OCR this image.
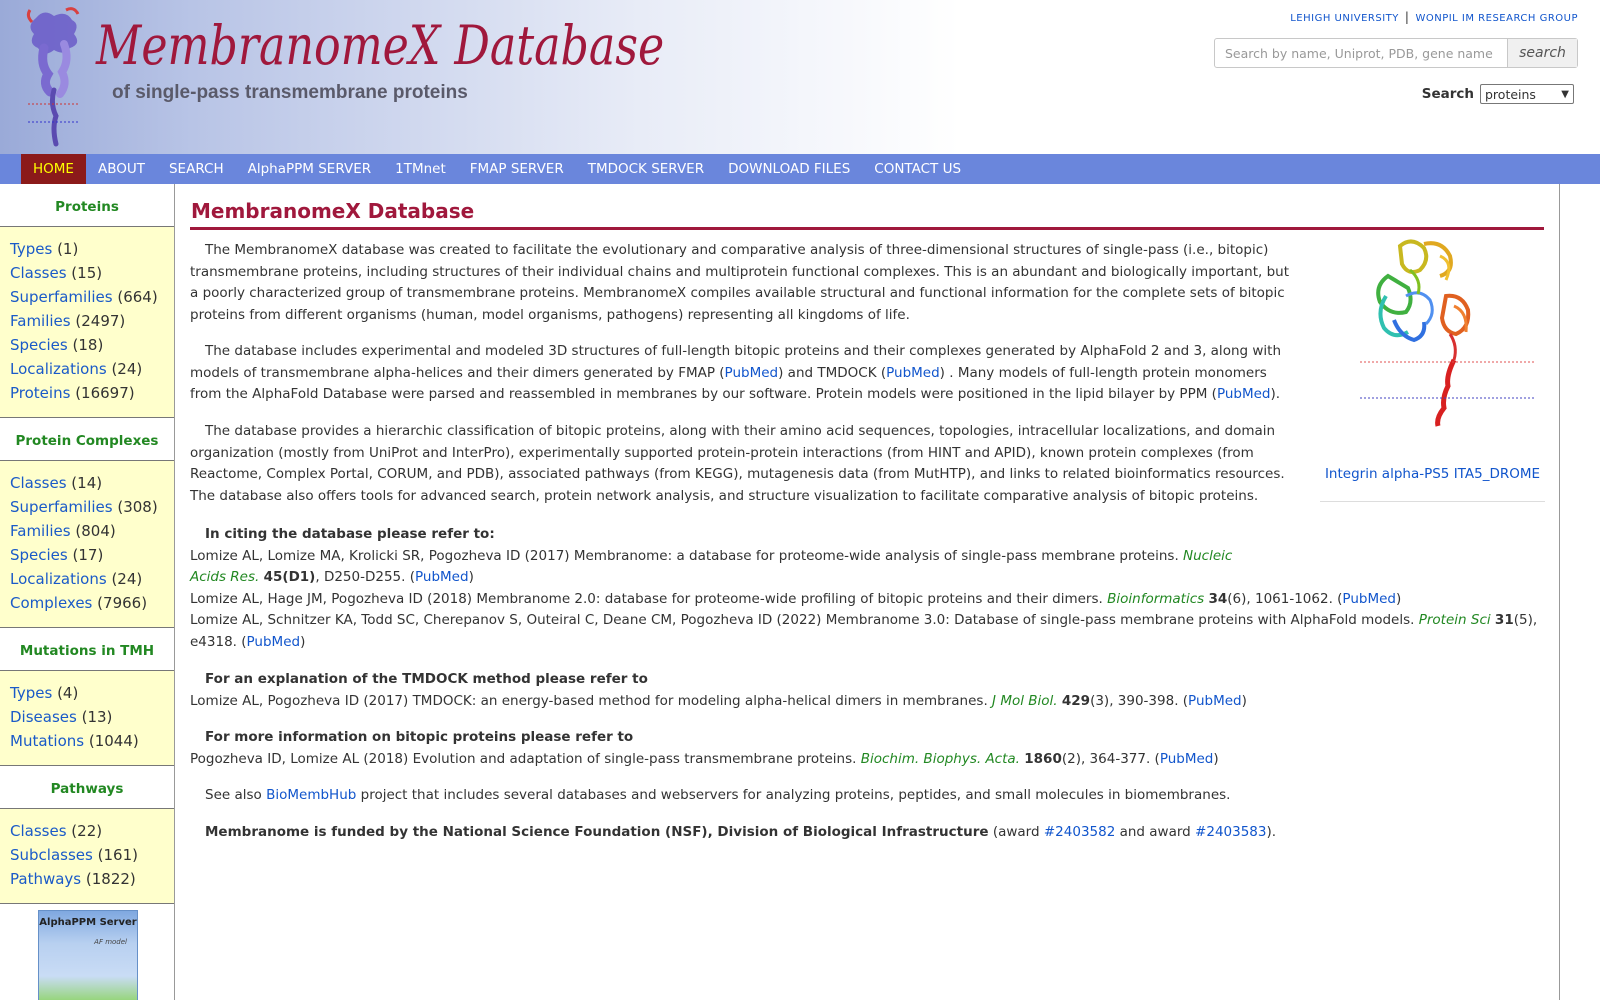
MembranomeX Database
of single-pass transmembrane proteins
LEHIGH UNIVERSITY | WONPIL IM RESEARCH GROUP
Search by name, Uniprot, PDB, gene name
search
Search proteins	▼
HOME	ABOUT	SEARCH	AlphaPPM SERVER	1TMnet	FMAP SERVER	TMDOCK SERVER	DOWNLOAD FILES	CONTACT US
Proteins
Types (1)
Classes (15)
Superfamilies (664)
Families (2497)
Species (18)
Localizations (24)
Proteins (16697)
Protein Complexes
Classes (14)
Superfamilies (308)
Families (804)
Species (17)
Localizations (24)
Complexes (7966)
Mutations in TMH
Types (4)
Diseases (13)
Mutations (1044)
Pathways
Classes (22)
Subclasses (161)
Pathways (1822)
AlphaPPM Server
AF model
MembranomeX Database
The MembranomeX database was created to facilitate the evolutionary and comparative analysis of three-dimensional structures of single-pass (i.e., bitopic) transmembrane proteins, including structures of their individual chains and multiprotein functional complexes. This is an abundant and biologically important, but a poorly characterized group of transmembrane proteins. MembranomeX compiles available structural and functional information for the complete sets of bitopic proteins from different organisms (human, model organisms, pathogens) representing all kingdoms of life.
The database includes experimental and modeled 3D structures of full-length bitopic proteins and their complexes generated by AlphaFold 2 and 3, along with models of transmembrane alpha-helices and their dimers generated by FMAP (PubMed) and TMDOCK (PubMed) . Many models of full-length protein monomers from the AlphaFold Database were parsed and reassembled in membranes by our software. Protein models were positioned in the lipid bilayer by PPM (PubMed).
The database provides a hierarchic classification of bitopic proteins, along with their amino acid sequences, topologies, intracellular localizations, and domain organization (mostly from UniProt and InterPro), experimentally supported protein-protein interactions (from HINT and APID), known protein complexes (from Reactome, Complex Portal, CORUM, and PDB), associated pathways (from KEGG), mutagenesis data (from MutHTP), and links to related bioinformatics resources. The database also offers tools for advanced search, protein network analysis, and structure visualization to facilitate comparative analysis of bitopic proteins.
In citing the database please refer to:
Lomize AL, Lomize MA, Krolicki SR, Pogozheva ID (2017) Membranome: a database for proteome-wide analysis of single-pass membrane proteins. Nucleic Acids Res. 45(D1), D250-D255. (PubMed)
Lomize AL, Hage JM, Pogozheva ID (2018) Membranome 2.0: database for proteome-wide profiling of bitopic proteins and their dimers. Bioinformatics 34(6), 1061-1062. (PubMed)
Lomize AL, Schnitzer KA, Todd SC, Cherepanov S, Outeiral C, Deane CM, Pogozheva ID (2022) Membranome 3.0: Database of single-pass membrane proteins with AlphaFold models. Protein Sci 31(5), e4318. (PubMed)
For an explanation of the TMDOCK method please refer to
Lomize AL, Pogozheva ID (2017) TMDOCK: an energy-based method for modeling alpha-helical dimers in membranes. J Mol Biol. 429(3), 390-398. (PubMed)
For more information on bitopic proteins please refer to
Pogozheva ID, Lomize AL (2018) Evolution and adaptation of single-pass transmembrane proteins. Biochim. Biophys. Acta. 1860(2), 364-377. (PubMed)
See also BioMembHub project that includes several databases and webservers for analyzing proteins, peptides, and small molecules in biomembranes.
Membranome is funded by the National Science Foundation (NSF), Division of Biological Infrastructure (award #2403582 and award #2403583).
Integrin alpha-PS5 ITA5_DROME
